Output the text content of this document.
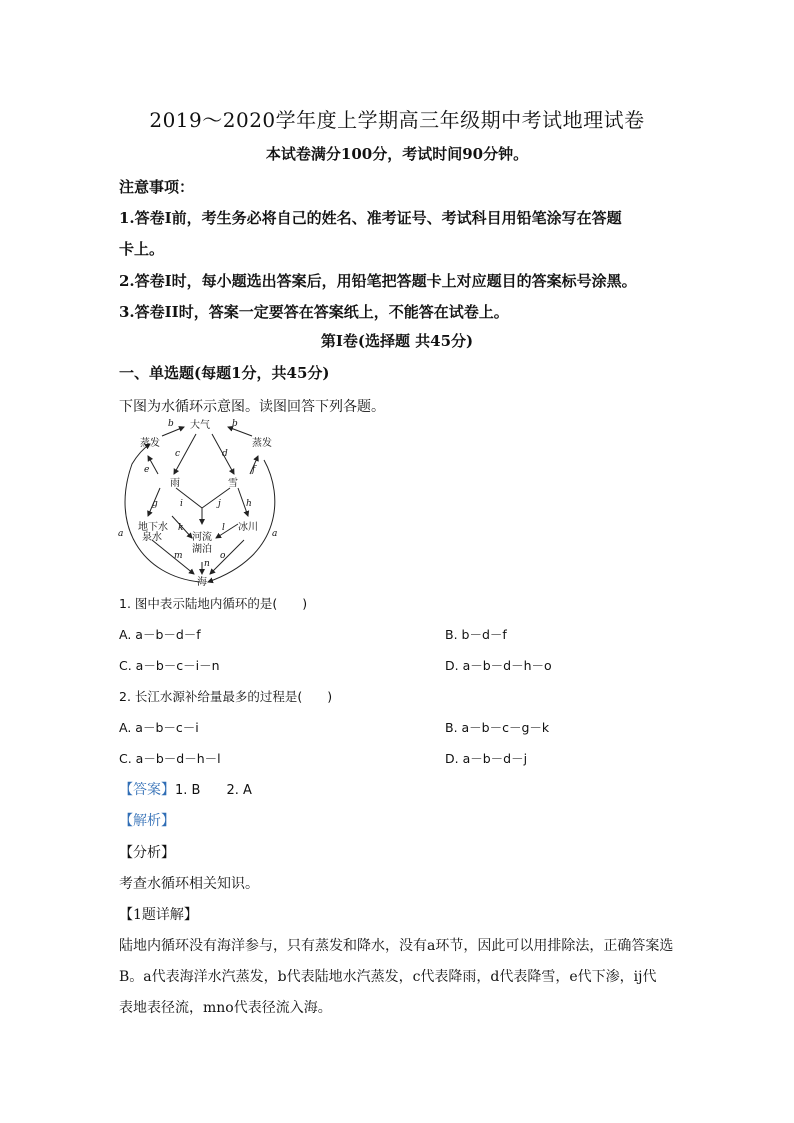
2019～2020学年度上学期高三年级期中考试地理试卷
本试卷满分100分，考试时间90分钟。
注意事项：
1.答卷Ⅰ前，考生务必将自己的姓名、准考证号、考试科目用铅笔涂写在答题
卡上。
2.答卷Ⅰ时，每小题选出答案后，用铅笔把答题卡上对应题目的答案标号涂黑。
3.答卷II时，答案一定要答在答案纸上，不能答在试卷上。
第Ⅰ卷(选择题 共45分)
一、单选题(每题1分，共45分)
下图为水循环示意图。读图回答下列各题。
大气
蒸发	蒸发
雨	雪
地下水
泉水	河流
湖泊
冰川
海
b	b
c	d
e	f
g	h
i	j
k	l
m
n
o
a	a
1. 图中表示陆地内循环的是(　　)
A. a－b－d－f	B. b－d－f
C. a－b－c－i－n	D. a－b－d－h－o
2. 长江水源补给量最多的过程是(　　)
A. a－b－c－i	B. a－b－c－g－k
C. a－b－d－h－l	D. a－b－d－j
【答案】1. B　　2. A
【解析】
【分析】
考查水循环相关知识。
【1题详解】
陆地内循环没有海洋参与，只有蒸发和降水，没有a环节，因此可以用排除法，正确答案选
B。a代表海洋水汽蒸发，b代表陆地水汽蒸发，c代表降雨，d代表降雪，e代下渗，ij代
表地表径流，mno代表径流入海。
